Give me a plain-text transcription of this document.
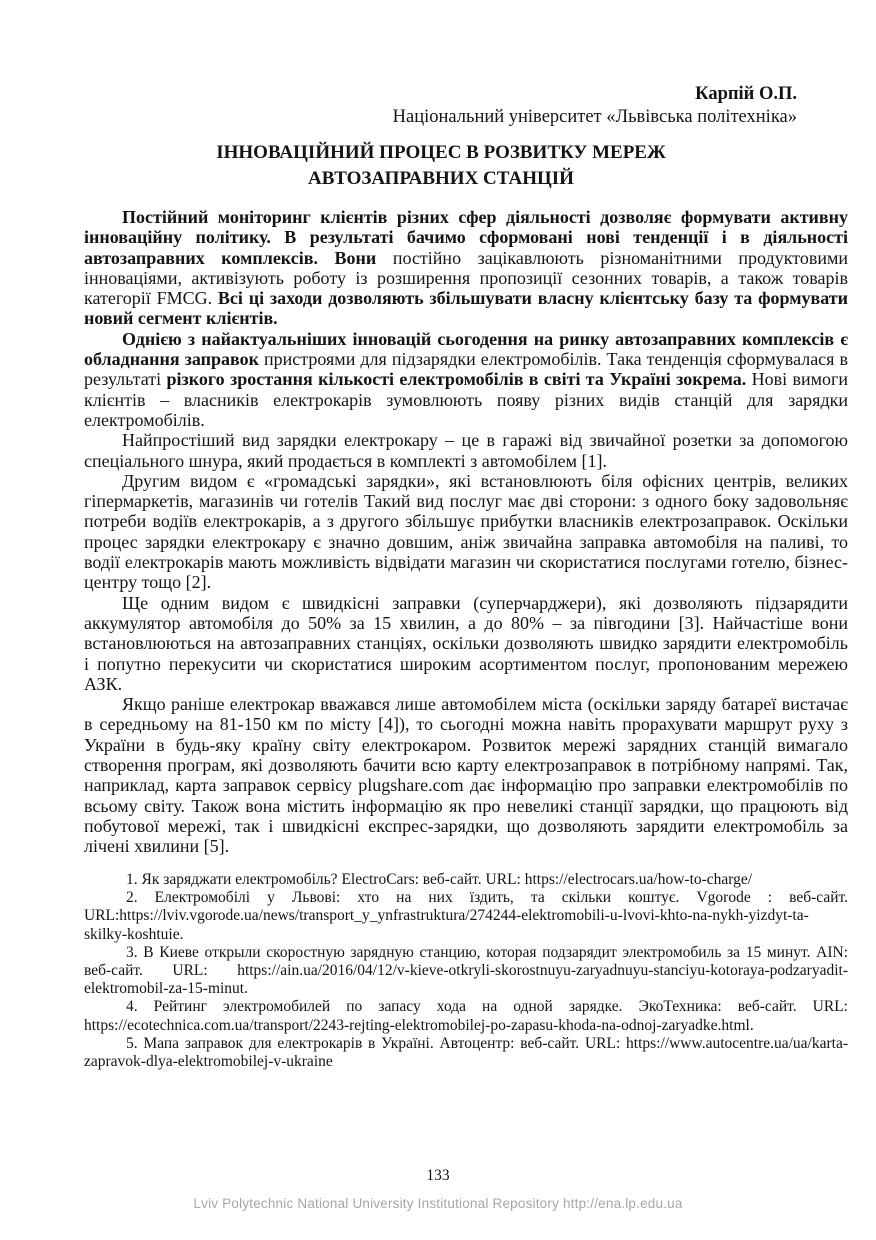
Карпій О.П.
Національний університет «Львівська політехніка»
ІННОВАЦІЙНИЙ ПРОЦЕС В РОЗВИТКУ МЕРЕЖ
АВТОЗАПРАВНИХ СТАНЦІЙ

Постійний моніторинг клієнтів різних сфер діяльності дозволяє формувати активну інноваційну політику. В результаті бачимо сформовані нові тенденції і в діяльності автозаправних комплексів. Вони постійно зацікавлюють різноманітними продуктовими інноваціями, активізують роботу із розширення пропозиції сезонних товарів, а також товарів категорії FMCG. Всі ці заходи дозволяють збільшувати власну клієнтську базу та формувати новий сегмент клієнтів.

Однією з найактуальніших інновацій сьогодення на ринку автозаправних комплексів є обладнання заправок пристроями для підзарядки електромобілів. Така тенденція сформувалася в результаті різкого зростання кількості електромобілів в світі та Україні зокрема. Нові вимоги клієнтів – власників електрокарів зумовлюють появу різних видів станцій для зарядки електромобілів.

Найпростіший вид зарядки електрокару – це в гаражі від звичайної розетки за допомогою спеціального шнура, який продається в комплекті з автомобілем [1].

Другим видом є «громадські зарядки», які встановлюють біля офісних центрів, великих гіпермаркетів, магазинів чи готелів Такий вид послуг має дві сторони: з одного боку задовольняє потреби водіїв електрокарів, а з другого збільшує прибутки власників електрозаправок. Оскільки процес зарядки електрокару є значно довшим, аніж звичайна заправка автомобіля на паливі, то водії електрокарів мають можливість відвідати магазин чи скористатися послугами готелю, бізнес-центру тощо [2].

Ще одним видом є швидкісні заправки (суперчарджери), які дозволяють підзарядити аккумулятор автомобіля до 50% за 15 хвилин, а до 80% – за півгодини [3]. Найчастіше вони встановлюються на автозаправних станціях, оскільки дозволяють швидко зарядити електромобіль і попутно перекусити чи скористатися широким асортиментом послуг, пропонованим мережею АЗК.

Якщо раніше електрокар вважався лише автомобілем міста (оскільки заряду батареї вистачає в середньому на 81-150 км по місту [4]), то сьогодні можна навіть прорахувати маршрут руху з України в будь-яку країну світу електрокаром. Розвиток мережі зарядних станцій вимагало створення програм, які дозволяють бачити всю карту електрозаправок в потрібному напрямі. Так, наприклад, карта заправок сервісу plugshare.com дає інформацію про заправки електромобілів по всьому світу. Також вона містить інформацію як про невеликі станції зарядки, що працюють від побутової мережі, так і швидкісні експрес-зарядки, що дозволяють зарядити електромобіль за лічені хвилини [5].

1. Як заряджати електромобіль? ElectroCars: веб-сайт. URL: https://electrocars.ua/how-to-charge/

2. Електромобілі у Львові: хто на них їздить, та скільки коштує. Vgorode : веб-сайт. URL:https://lviv.vgorode.ua/news/transport_y_ynfrastruktura/274244-elektromobili-u-lvovi-khto-na-nykh-yizdyt-ta-skilky-koshtuie.

3. В Киеве открыли скоростную зарядную станцию, которая подзарядит электромобиль за 15 минут. AIN: веб-сайт. URL: https://ain.ua/2016/04/12/v-kieve-otkryli-skorostnuyu-zaryadnuyu-stanciyu-kotoraya-podzaryadit-elektromobil-za-15-minut.

4. Рейтинг электромобилей по запасу хода на одной зарядке. ЭкоТехника: веб-сайт. URL: https://ecotechnica.com.ua/transport/2243-rejting-elektromobilej-po-zapasu-khoda-na-odnoj-zaryadke.html.

5. Мапа заправок для електрокарів в Україні. Автоцентр: веб-сайт. URL: https://www.autocentre.ua/ua/karta-zapravok-dlya-elektromobilej-v-ukraine

133
Lviv Polytechnic National University Institutional Repository http://ena.lp.edu.ua
